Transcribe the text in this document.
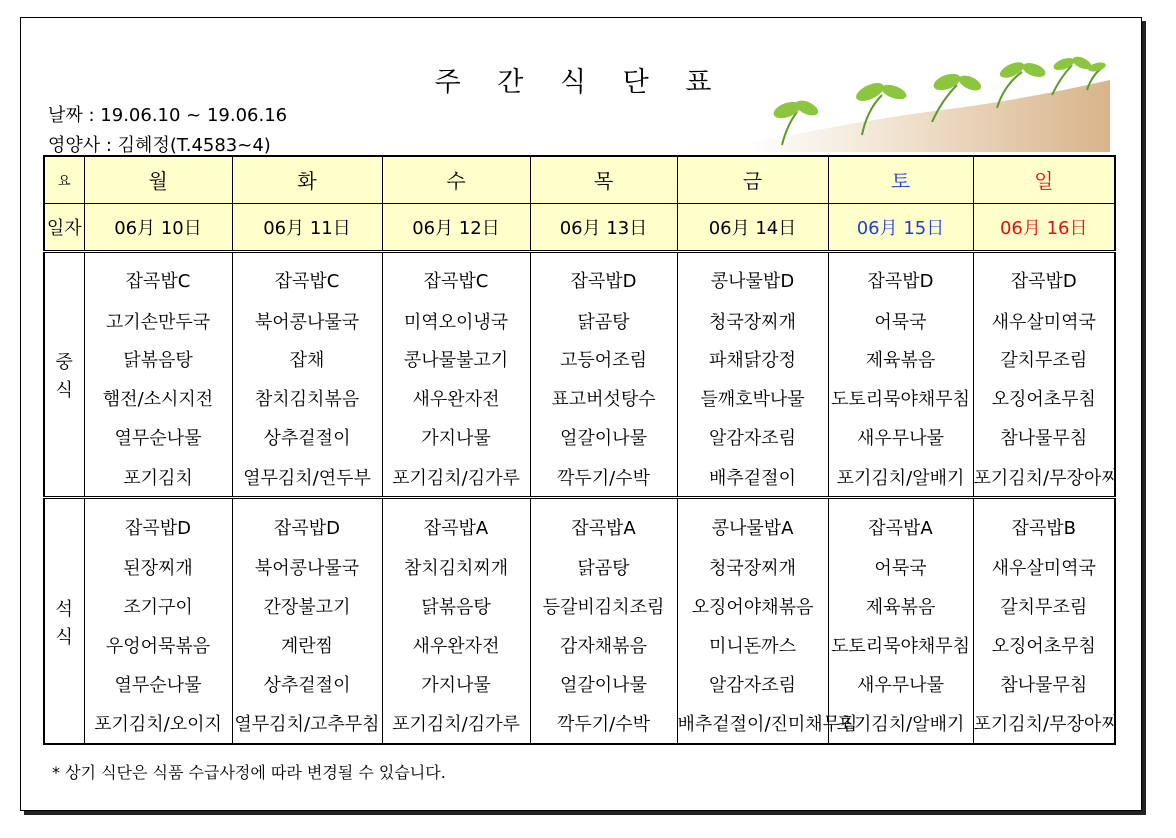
주 간 식 단 표
날짜 : 19.06.10 ~ 19.06.16
영양사 : 김혜정(T.4583~4)
요	월	화	수	목	금	토	일
일자	06月 10日	06月 11日	06月 12日	06月 13日	06月 14日	06月 15日	06月 16日
중
식	잡곡밥C	잡곡밥C	잡곡밥C	잡곡밥D	콩나물밥D	잡곡밥D	잡곡밥D
	고기손만두국	북어콩나물국	미역오이냉국	닭곰탕	청국장찌개	어묵국	새우살미역국
	닭볶음탕	잡채	콩나물불고기	고등어조림	파채닭강정	제육볶음	갈치무조림
	햄전/소시지전	참치김치볶음	새우완자전	표고버섯탕수	들깨호박나물	도토리묵야채무침	오징어초무침
	열무순나물	상추겉절이	가지나물	얼갈이나물	알감자조림	새우무나물	참나물무침
	포기김치	열무김치/연두부	포기김치/김가루	깍두기/수박	배추겉절이	포기김치/알배기	포기김치/무장아찌
석
식	잡곡밥D	잡곡밥D	잡곡밥A	잡곡밥A	콩나물밥A	잡곡밥A	잡곡밥B
	된장찌개	북어콩나물국	참치김치찌개	닭곰탕	청국장찌개	어묵국	새우살미역국
	조기구이	간장불고기	닭볶음탕	등갈비김치조림	오징어야채볶음	제육볶음	갈치무조림
	우엉어묵볶음	계란찜	새우완자전	감자채볶음	미니돈까스	도토리묵야채무침	오징어초무침
	열무순나물	상추겉절이	가지나물	얼갈이나물	알감자조림	새우무나물	참나물무침
	포기김치/오이지	열무김치/고추무침	포기김치/김가루	깍두기/수박	배추겉절이/진미채무침	포기김치/알배기	포기김치/무장아찌
* 상기 식단은 식품 수급사정에 따라 변경될 수 있습니다.
